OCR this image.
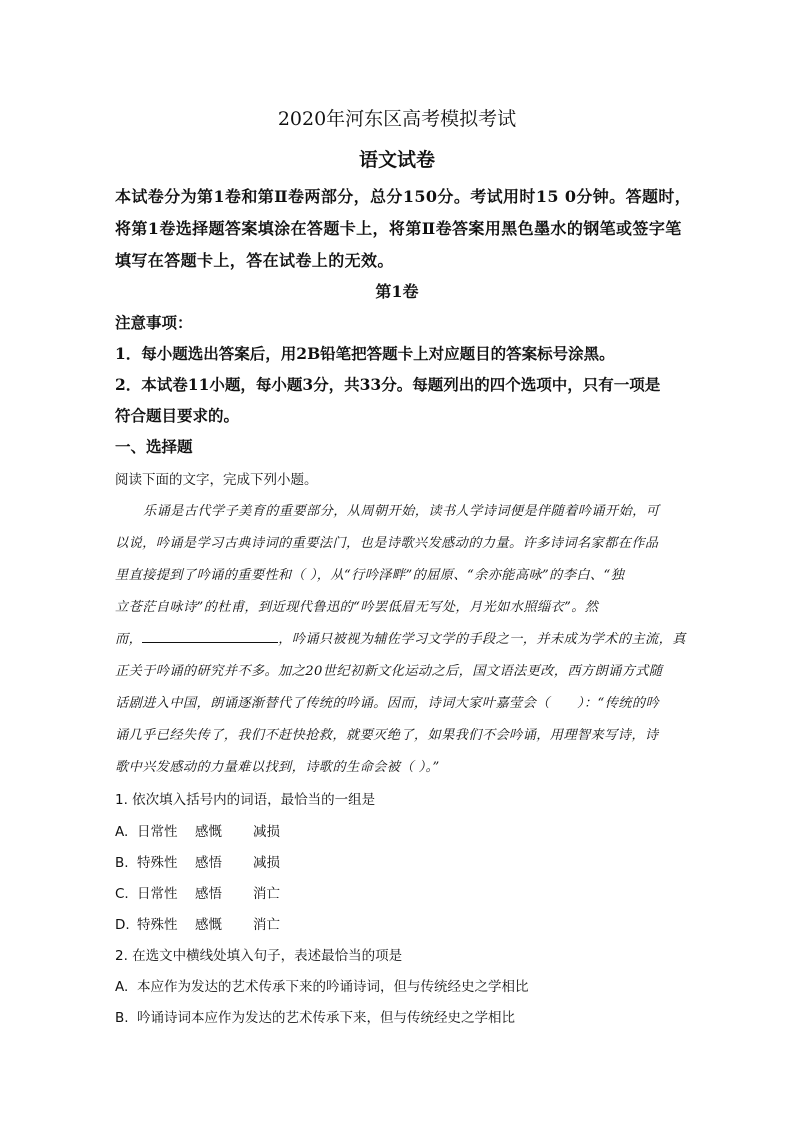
2020年河东区高考模拟考试
语文试卷
本试卷分为第1卷和第Ⅱ卷两部分，总分150分。考试用时15 0分钟。答题时，
将第1卷选择题答案填涂在答题卡上，将第Ⅱ卷答案用黑色墨水的钢笔或签字笔
填写在答题卡上，答在试卷上的无效。
第1卷
注意事项：
1．每小题选出答案后，用2B铅笔把答题卡上对应题目的答案标号涂黑。
2．本试卷11小题，每小题3分，共33分。每题列出的四个选项中，只有一项是
符合题目要求的。
一、选择题
阅读下面的文字，完成下列小题。
乐诵是古代学子美育的重要部分，从周朝开始，读书人学诗词便是伴随着吟诵开始，可
以说，吟诵是学习古典诗词的重要法门，也是诗歌兴发感动的力量。许多诗词名家都在作品
里直接提到了吟诵的重要性和（ ），从“行吟泽畔”的屈原、“余亦能高咏”的李白、“独
立苍茫自咏诗”的杜甫，到近现代鲁迅的“吟罢低眉无写处，月光如水照缁衣”。然
而，	，吟诵只被视为辅佐学习文学的手段之一，并未成为学术的主流，真
正关于吟诵的研究并不多。加之20世纪初新文化运动之后，国文语法更改，西方朗诵方式随
话剧进入中国，朗诵逐渐替代了传统的吟诵。因而，诗词大家叶嘉莹会（　　）：“传统的吟
诵几乎已经失传了，我们不赶快抢救，就要灭绝了，如果我们不会吟诵，用理智来写诗，诗
歌中兴发感动的力量难以找到，诗歌的生命会被（ ）。”
1. 依次填入括号内的词语，最恰当的一组是
A. 日常性 感慨 减损
B. 特殊性 感悟 减损
C. 日常性 感悟 消亡
D. 特殊性 感慨 消亡
2. 在选文中横线处填入句子，表述最恰当的项是
A. 本应作为发达的艺术传承下来的吟诵诗词，但与传统经史之学相比
B. 吟诵诗词本应作为发达的艺术传承下来，但与传统经史之学相比
